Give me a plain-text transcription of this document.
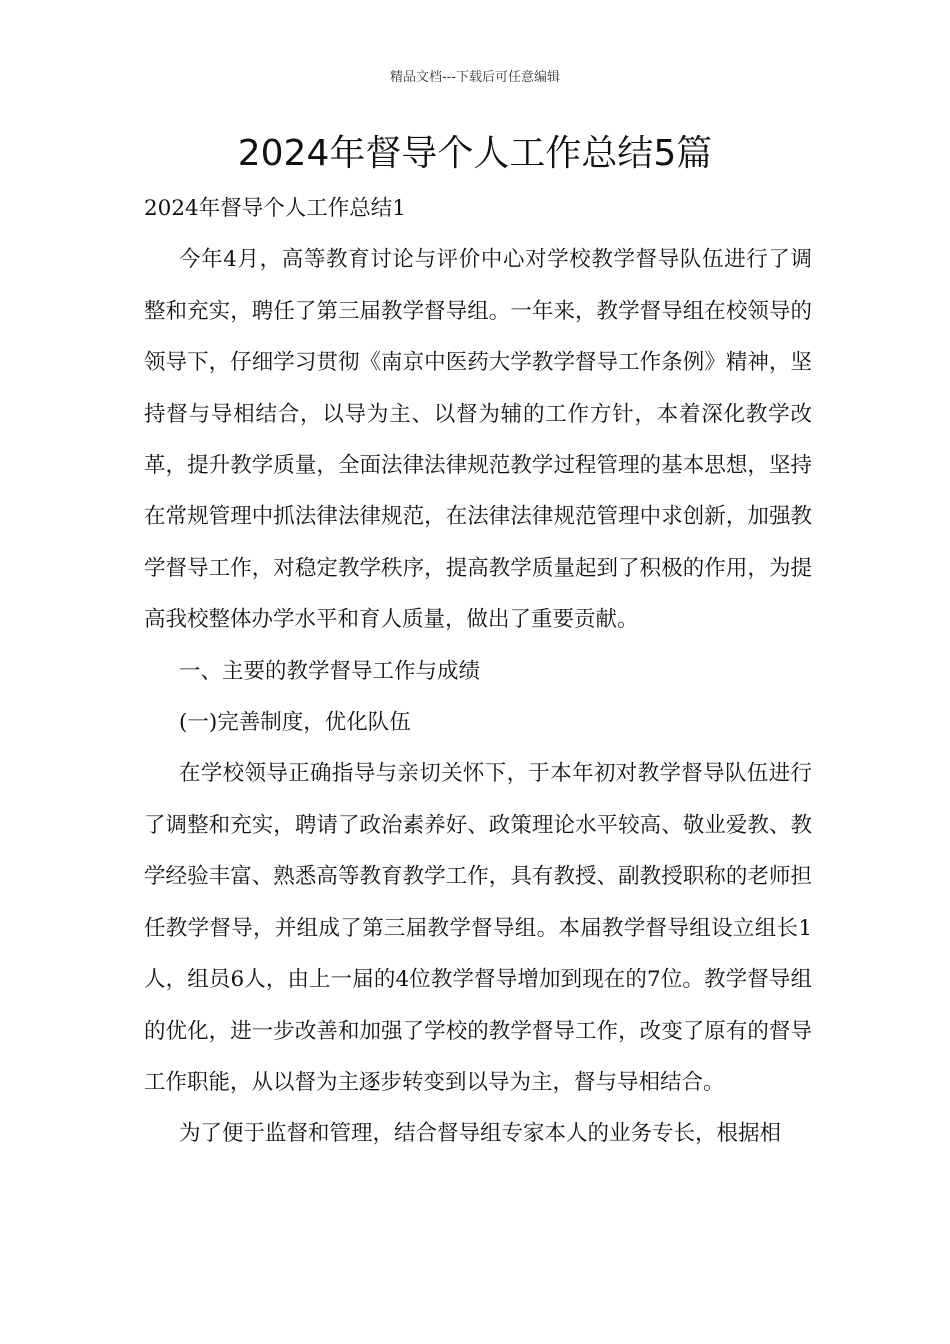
精品文档---下载后可任意编辑
2024年督导个人工作总结5篇

2024年督导个人工作总结1

今年4月，高等教育讨论与评价中心对学校教学督导队伍进行了调整和充实，聘任了第三届教学督导组。一年来，教学督导组在校领导的领导下，仔细学习贯彻《南京中医药大学教学督导工作条例》精神，坚持督与导相结合，以导为主、以督为辅的工作方针，本着深化教学改革，提升教学质量，全面法律法律规范教学过程管理的基本思想，坚持在常规管理中抓法律法律规范，在法律法律规范管理中求创新，加强教学督导工作，对稳定教学秩序，提高教学质量起到了积极的作用，为提高我校整体办学水平和育人质量，做出了重要贡献。

一、主要的教学督导工作与成绩

(一)完善制度，优化队伍

在学校领导正确指导与亲切关怀下，于本年初对教学督导队伍进行了调整和充实，聘请了政治素养好、政策理论水平较高、敬业爱教、教学经验丰富、熟悉高等教育教学工作，具有教授、副教授职称的老师担任教学督导，并组成了第三届教学督导组。本届教学督导组设立组长1人，组员6人，由上一届的4位教学督导增加到现在的7位。教学督导组的优化，进一步改善和加强了学校的教学督导工作，改变了原有的督导工作职能，从以督为主逐步转变到以导为主，督与导相结合。

为了便于监督和管理，结合督导组专家本人的业务专长，根据相
